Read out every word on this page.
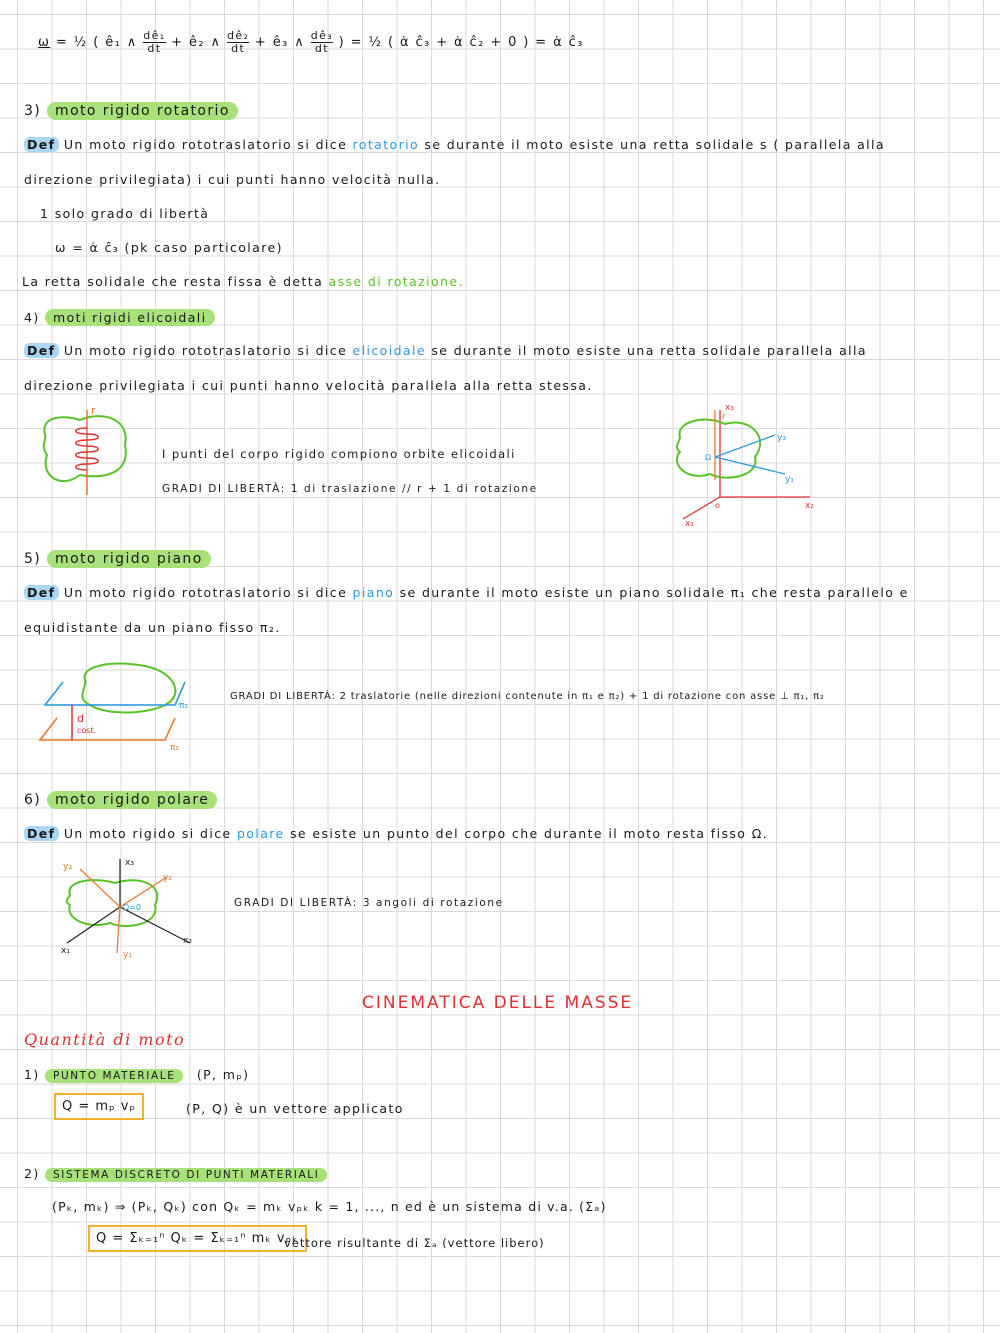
ω = ½ ( ê₁ ∧ $\frac{\text{dê₁}}{dt}$ + ê₂ ∧ $\frac{\text{dê₂}}{dt}$ + ê₃ ∧ $\frac{\text{dê₃}}{dt}$ ) = ½ ( α̇ ĉ₃ + α̇ ĉ₂ + 0 ) = α̇ ĉ₃
3) moto rigido rotatorio
Def Un moto rigido rototraslatorio si dice rotatorio se durante il moto esiste una retta solidale s ( parallela alla
direzione privilegiata) i cui punti hanno velocità nulla.
1 solo grado di libertà
ω = α̇ ĉ₃ (pk caso particolare)
La retta solidale che resta fissa è detta asse di rotazione.
4) moti rigidi elicoidali
Def Un moto rigido rototraslatorio si dice elicoidale se durante il moto esiste una retta solidale parallela alla
direzione privilegiata i cui punti hanno velocità parallela alla retta stessa.
r
I punti del corpo rigido compiono orbite elicoidali
GRADI DI LIBERTÀ: 1 di traslazione // r + 1 di rotazione
x₃
r
y₃
y₁
Ω
o	x₂
x₁
5) moto rigido piano
Def Un moto rigido rototraslatorio si dice piano se durante il moto esiste un piano solidale π₁ che resta parallelo e
equidistante da un piano fisso π₂.
π₁
π₂
d
cost.
GRADI DI LIBERTÀ: 2 traslatorie (nelle direzioni contenute in π₁ e π₂) + 1 di rotazione con asse ⊥ π₁, π₂
6) moto rigido polare
Def Un moto rigido si dice polare se esiste un punto del corpo che durante il moto resta fisso Ω.
y₃	x₃
y₂
Ω=0
x₂
x₁	y₁
GRADI DI LIBERTÀ: 3 angoli di rotazione
CINEMATICA DELLE MASSE
Quantità di moto
1) PUNTO MATERIALE (P, mₚ)
Q = mₚ vₚ	(P, Q) è un vettore applicato
2) SISTEMA DISCRETO DI PUNTI MATERIALI
(Pₖ, mₖ) ⇒ (Pₖ, Qₖ) con Qₖ = mₖ vₚₖ k = 1, ..., n ed è un sistema di v.a. (Σₐ)
Q = Σₖ₌₁ⁿ Qₖ = Σₖ₌₁ⁿ mₖ vₚₖ
vettore risultante di Σₐ (vettore libero)
